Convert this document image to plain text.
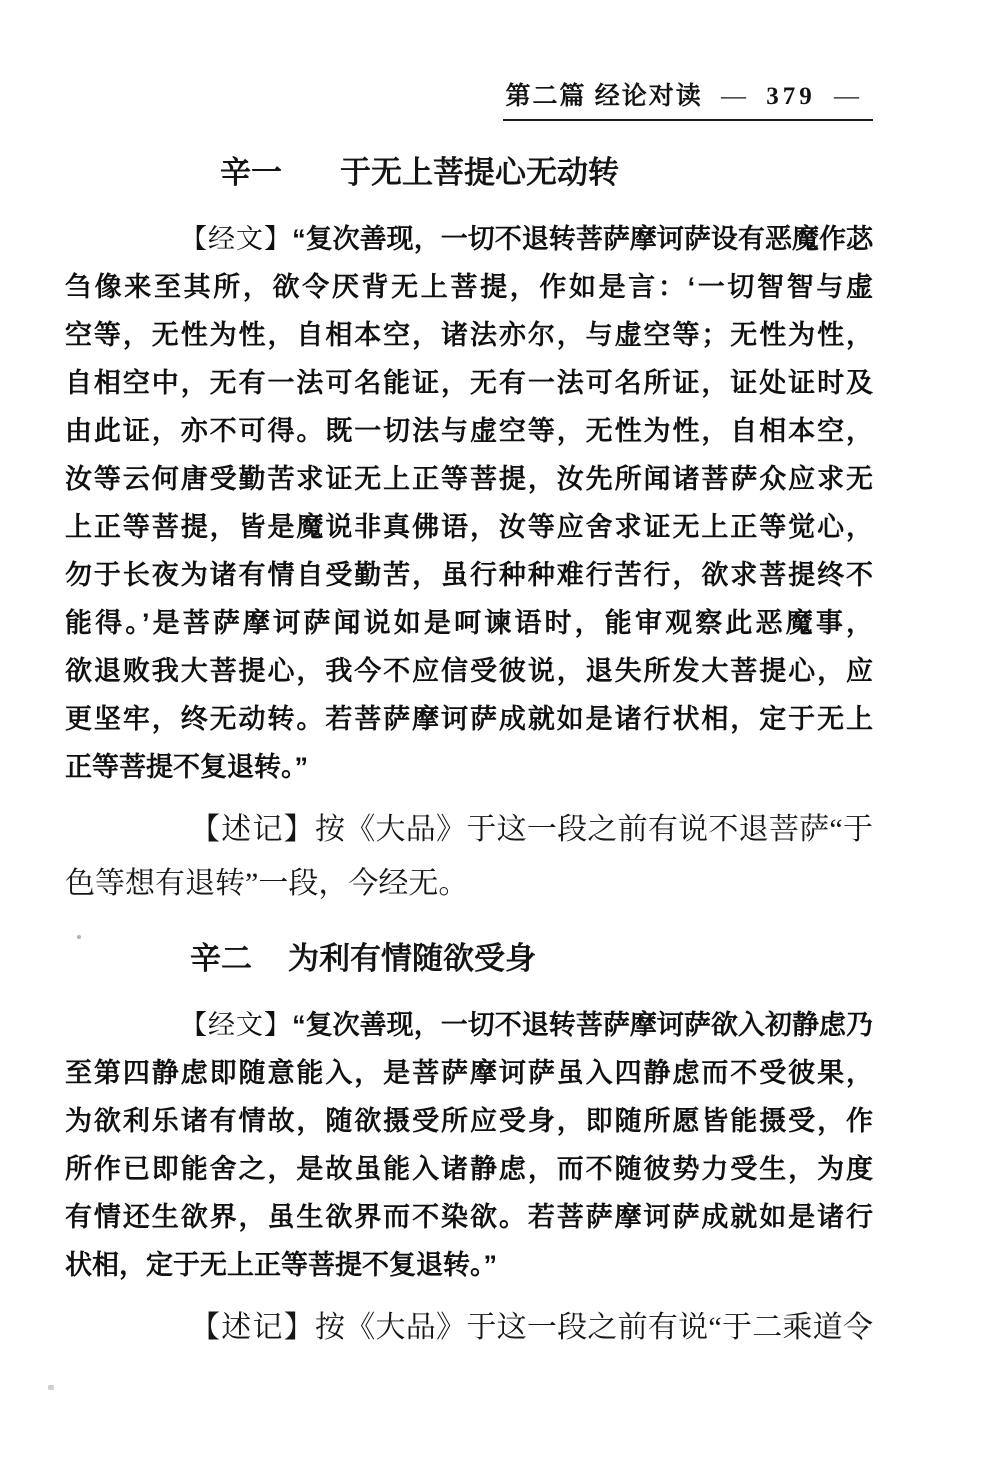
第二篇 经论对读 — 379 —
辛一 于无上菩提心无动转
【经文】“复次善现，一切不退转菩萨摩诃萨设有恶魔作苾
刍像来至其所，欲令厌背无上菩提，作如是言：‘一切智智与虚
空等，无性为性，自相本空，诸法亦尔，与虚空等；无性为性，
自相空中，无有一法可名能证，无有一法可名所证，证处证时及
由此证，亦不可得。既一切法与虚空等，无性为性，自相本空，
汝等云何唐受勤苦求证无上正等菩提，汝先所闻诸菩萨众应求无
上正等菩提，皆是魔说非真佛语，汝等应舍求证无上正等觉心，
勿于长夜为诸有情自受勤苦，虽行种种难行苦行，欲求菩提终不
能得。’是菩萨摩诃萨闻说如是呵谏语时，能审观察此恶魔事，
欲退败我大菩提心，我今不应信受彼说，退失所发大菩提心，应
更坚牢，终无动转。若菩萨摩诃萨成就如是诸行状相，定于无上
正等菩提不复退转。”
【述记】按《大品》于这一段之前有说不退菩萨“于
色等想有退转”一段，今经无。
辛二 为利有情随欲受身
【经文】“复次善现，一切不退转菩萨摩诃萨欲入初静虑乃
至第四静虑即随意能入，是菩萨摩诃萨虽入四静虑而不受彼果，
为欲利乐诸有情故，随欲摄受所应受身，即随所愿皆能摄受，作
所作已即能舍之，是故虽能入诸静虑，而不随彼势力受生，为度
有情还生欲界，虽生欲界而不染欲。若菩萨摩诃萨成就如是诸行
状相，定于无上正等菩提不复退转。”
【述记】按《大品》于这一段之前有说“于二乘道令
